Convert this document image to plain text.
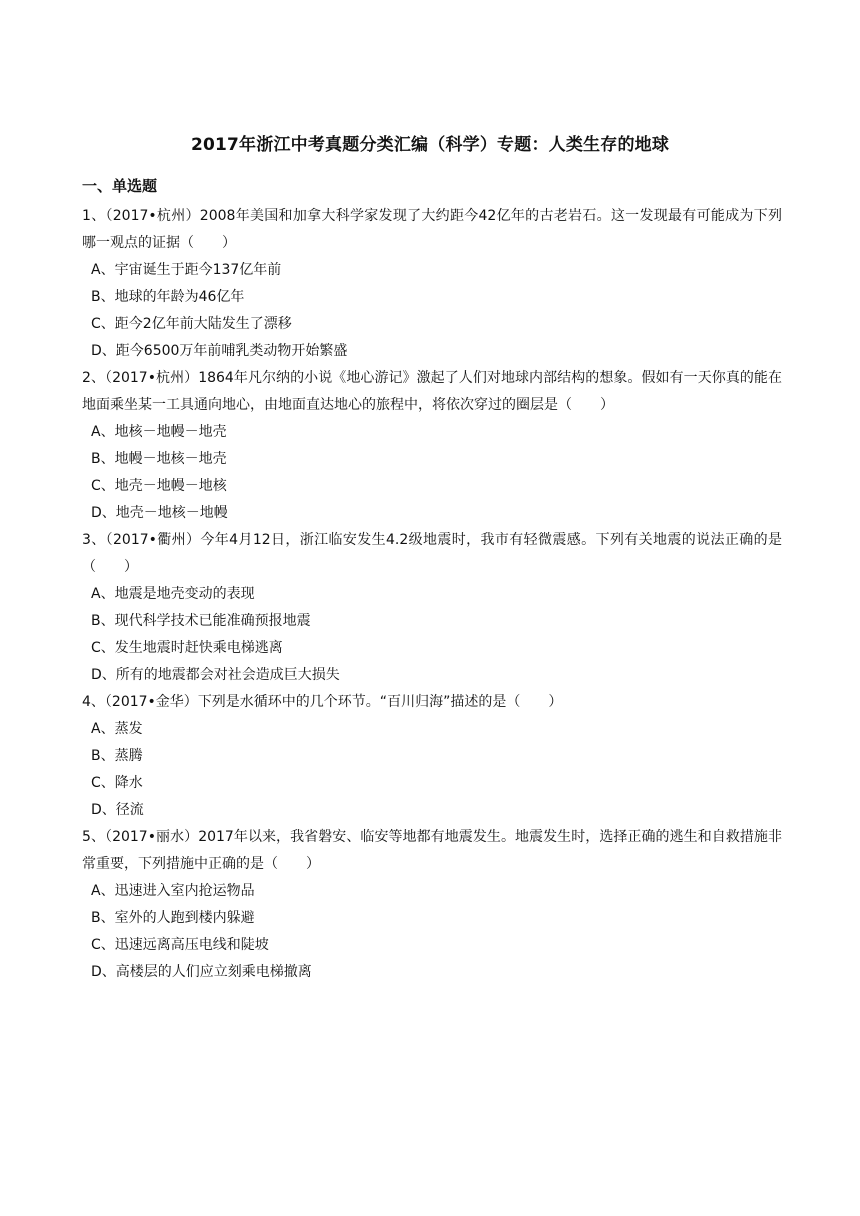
2017年浙江中考真题分类汇编（科学）专题：人类生存的地球
一、单选题

1、（2017•杭州）2008年美国和加拿大科学家发现了大约距今42亿年的古老岩石。这一发现最有可能成为下列哪一观点的证据（　　）

A、 宇宙诞生于距今137亿年前
B、 地球的年龄为46亿年
C、 距今2亿年前大陆发生了漂移
D、 距今6500万年前哺乳类动物开始繁盛

2、（2017•杭州）1864年凡尔纳的小说《地心游记》激起了人们对地球内部结构的想象。假如有一天你真的能在地面乘坐某一工具通向地心，由地面直达地心的旅程中，将依次穿过的圈层是（　　）

A、 地核－地幔－地壳
B、 地幔－地核－地壳
C、 地壳－地幔－地核
D、 地壳－地核－地幔

3、（2017•衢州）今年4月12日，浙江临安发生4.2级地震时，我市有轻微震感。下列有关地震的说法正确的是（　　）

A、 地震是地壳变动的表现
B、 现代科学技术已能准确预报地震
C、 发生地震时赶快乘电梯逃离
D、 所有的地震都会对社会造成巨大损失

4、（2017•金华）下列是水循环中的几个环节。“百川归海”描述的是（　　）

A、 蒸发
B、 蒸腾
C、 降水
D、 径流

5、（2017•丽水）2017年以来，我省磐安、临安等地都有地震发生。地震发生时，选择正确的逃生和自救措施非常重要，下列措施中正确的是（　　）

A、 迅速进入室内抢运物品
B、 室外的人跑到楼内躲避
C、 迅速远离高压电线和陡坡
D、 高楼层的人们应立刻乘电梯撤离
